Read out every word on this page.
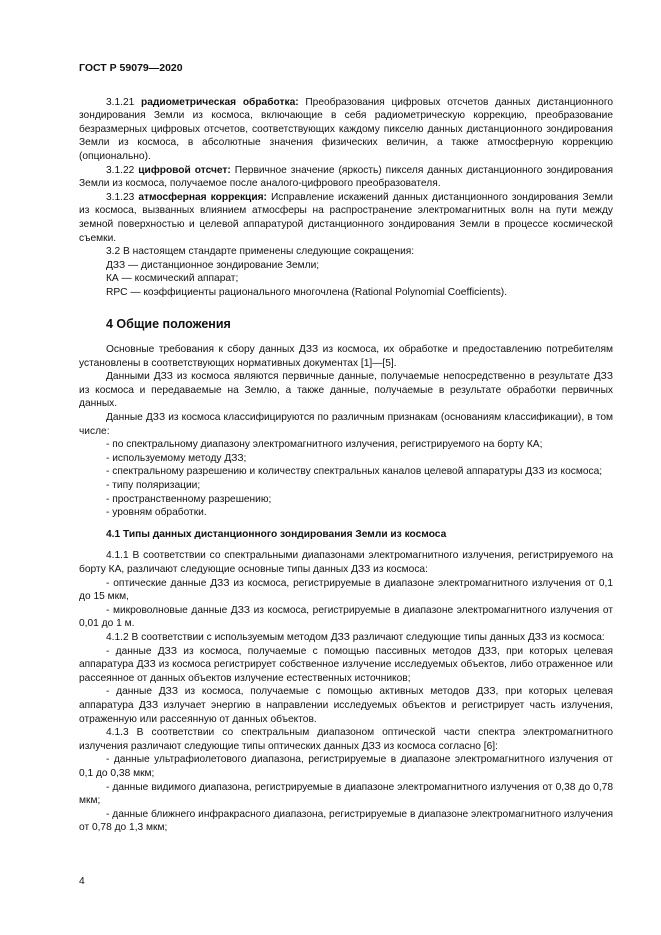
ГОСТ Р 59079—2020

3.1.21 радиометрическая обработка: Преобразования цифровых отсчетов данных дистанционного зондирования Земли из космоса, включающие в себя радиометрическую коррекцию, преобразование безразмерных цифровых отсчетов, соответствующих каждому пикселю данных дистанционного зондирования Земли из космоса, в абсолютные значения физических величин, а также атмосферную коррекцию (опционально).

3.1.22 цифровой отсчет: Первичное значение (яркость) пикселя данных дистанционного зондирования Земли из космоса, получаемое после аналого-цифрового преобразователя.

3.1.23 атмосферная коррекция: Исправление искажений данных дистанционного зондирования Земли из космоса, вызванных влиянием атмосферы на распространение электромагнитных волн на пути между земной поверхностью и целевой аппаратурой дистанционного зондирования Земли в процессе космической съемки.

3.2 В настоящем стандарте применены следующие сокращения:

ДЗЗ — дистанционное зондирование Земли;

КА — космический аппарат;

RPC — коэффициенты рационального многочлена (Rational Polynomial Coefficients).

4 Общие положения

Основные требования к сбору данных ДЗЗ из космоса, их обработке и предоставлению потребителям установлены в соответствующих нормативных документах [1]—[5].

Данными ДЗЗ из космоса являются первичные данные, получаемые непосредственно в результате ДЗЗ из космоса и передаваемые на Землю, а также данные, получаемые в результате обработки первичных данных.

Данные ДЗЗ из космоса классифицируются по различным признакам (основаниям классификации), в том числе:

- по спектральному диапазону электромагнитного излучения, регистрируемого на борту КА;

- используемому методу ДЗЗ;

- спектральному разрешению и количеству спектральных каналов целевой аппаратуры ДЗЗ из космоса;

- типу поляризации;

- пространственному разрешению;

- уровням обработки.

4.1 Типы данных дистанционного зондирования Земли из космоса

4.1.1 В соответствии со спектральными диапазонами электромагнитного излучения, регистрируемого на борту КА, различают следующие основные типы данных ДЗЗ из космоса:

- оптические данные ДЗЗ из космоса, регистрируемые в диапазоне электромагнитного излучения от 0,1 до 15 мкм,

- микроволновые данные ДЗЗ из космоса, регистрируемые в диапазоне электромагнитного излучения от 0,01 до 1 м.

4.1.2 В соответствии с используемым методом ДЗЗ различают следующие типы данных ДЗЗ из космоса:

- данные ДЗЗ из космоса, получаемые с помощью пассивных методов ДЗЗ, при которых целевая аппаратура ДЗЗ из космоса регистрирует собственное излучение исследуемых объектов, либо отраженное или рассеянное от данных объектов излучение естественных источников;

- данные ДЗЗ из космоса, получаемые с помощью активных методов ДЗЗ, при которых целевая аппаратура ДЗЗ излучает энергию в направлении исследуемых объектов и регистрирует часть излучения, отраженную или рассеянную от данных объектов.

4.1.3 В соответствии со спектральным диапазоном оптической части спектра электромагнитного излучения различают следующие типы оптических данных ДЗЗ из космоса согласно [6]:

- данные ультрафиолетового диапазона, регистрируемые в диапазоне электромагнитного излучения от 0,1 до 0,38 мкм;

- данные видимого диапазона, регистрируемые в диапазоне электромагнитного излучения от 0,38 до 0,78 мкм;

- данные ближнего инфракрасного диапазона, регистрируемые в диапазоне электромагнитного излучения от 0,78 до 1,3 мкм;

4
